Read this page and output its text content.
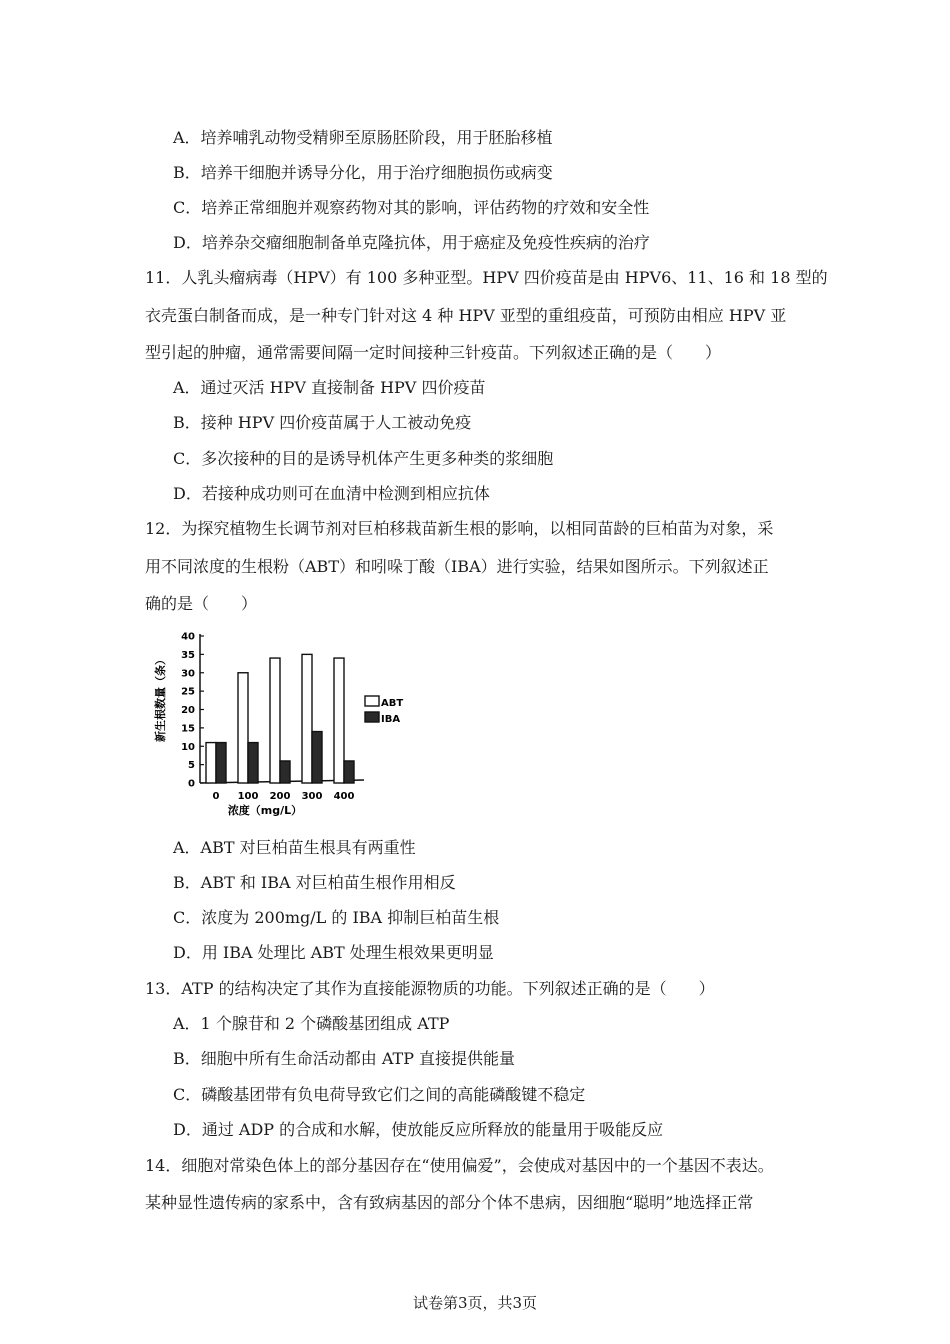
A．培养哺乳动物受精卵至原肠胚阶段，用于胚胎移植
B．培养干细胞并诱导分化，用于治疗细胞损伤或病变
C．培养正常细胞并观察药物对其的影响，评估药物的疗效和安全性
D．培养杂交瘤细胞制备单克隆抗体，用于癌症及免疫性疾病的治疗
11．人乳头瘤病毒（HPV）有 100 多种亚型。HPV 四价疫苗是由 HPV6、11、16 和 18 型的
衣壳蛋白制备而成，是一种专门针对这 4 种 HPV 亚型的重组疫苗，可预防由相应 HPV 亚
型引起的肿瘤，通常需要间隔一定时间接种三针疫苗。下列叙述正确的是（　　）
A．通过灭活 HPV 直接制备 HPV 四价疫苗
B．接种 HPV 四价疫苗属于人工被动免疫
C．多次接种的目的是诱导机体产生更多种类的浆细胞
D．若接种成功则可在血清中检测到相应抗体
12．为探究植物生长调节剂对巨柏移栽苗新生根的影响，以相同苗龄的巨柏苗为对象，采
用不同浓度的生根粉（ABT）和吲哚丁酸（IBA）进行实验，结果如图所示。下列叙述正
确的是（　　）
0
5
10
15
20
25
30
35
40
0 100 200 300 400
新生根数量（条）
浓度（mg/L）
ABT
IBA
A．ABT 对巨柏苗生根具有两重性
B．ABT 和 IBA 对巨柏苗生根作用相反
C．浓度为 200mg/L 的 IBA 抑制巨柏苗生根
D．用 IBA 处理比 ABT 处理生根效果更明显
13．ATP 的结构决定了其作为直接能源物质的功能。下列叙述正确的是（　　）
A．1 个腺苷和 2 个磷酸基团组成 ATP
B．细胞中所有生命活动都由 ATP 直接提供能量
C．磷酸基团带有负电荷导致它们之间的高能磷酸键不稳定
D．通过 ADP 的合成和水解，使放能反应所释放的能量用于吸能反应
14．细胞对常染色体上的部分基因存在“使用偏爱”，会使成对基因中的一个基因不表达。
某种显性遗传病的家系中，含有致病基因的部分个体不患病，因细胞“聪明”地选择正常
试卷第3页，共3页
